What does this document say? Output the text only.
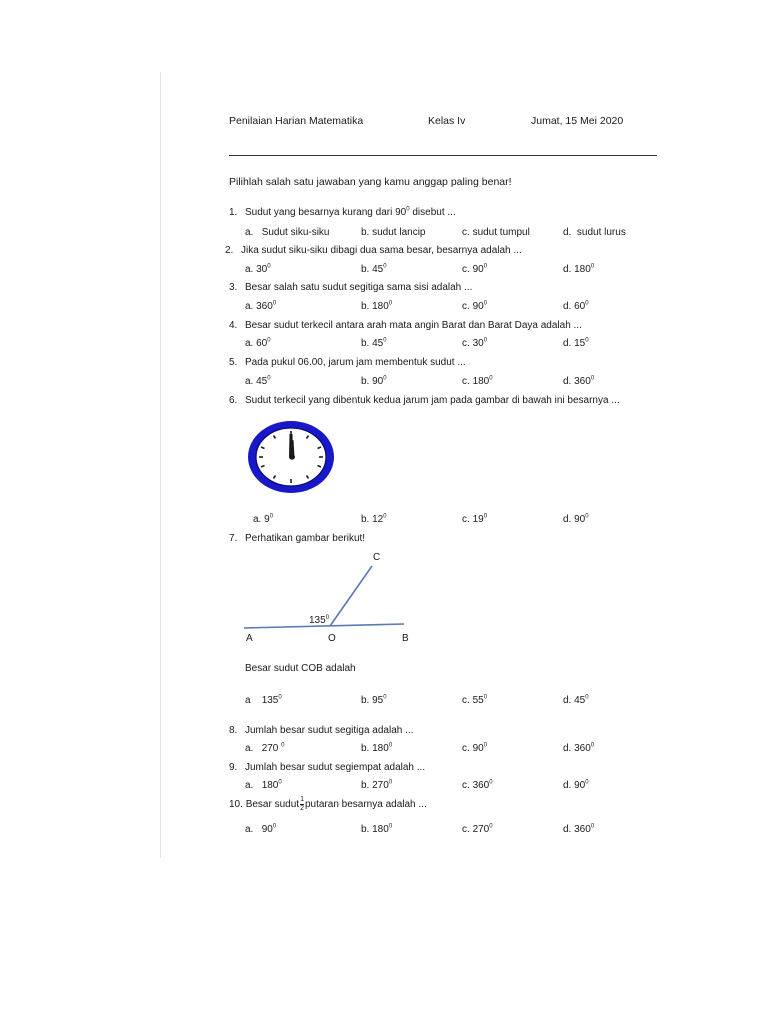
Penilaian Harian Matematika	Kelas Iv	Jumat, 15 Mei 2020
Pilihlah salah satu jawaban yang kamu anggap paling benar!
1. Sudut yang besarnya kurang dari $90^0$ disebut ...
a. Sudut siku-siku	b. sudut lancip	c. sudut tumpul	d. sudut lurus
2. Jika sudut siku-siku dibagi dua sama besar, besarnya adalah ...
a. $30^0$	b. $45^0$	c. $90^0$	d. $180^0$
3. Besar salah satu sudut segitiga sama sisi adalah ...
a. $360^0$	b. $180^0$	c. $90^0$	d. $60^0$
4. Besar sudut terkecil antara arah mata angin Barat dan Barat Daya adalah ...
a. $60^0$	b. $45^0$	c. $30^0$	d. $15^0$
5. Pada pukul 06.00, jarum jam membentuk sudut ...
a. $45^0$	b. $90^0$	c. $180^0$	d. $360^0$
6. Sudut terkecil yang dibentuk kedua jarum jam pada gambar di bawah ini besarnya ...
a. $9^0$	b. $12^0$	c. $19^0$	d. $90^0$
7. Perhatikan gambar berikut!
C
$135^0$
A	O	B
Besar sudut COB adalah
a $135^0$	b. $95^0$	c. $55^0$	d. $45^0$
8. Jumlah besar sudut segitiga adalah ...
a. 270 $^0$	b. $180^0$	c. $90^0$	d. $360^0$
9. Jumlah besar sudut segiempat adalah ...
a. $180^0$	b. $270^0$	c. $360^0$	d. $90^0$
10. Besar sudut $\frac{1}{2}$ putaran besarnya adalah ...
a. $90^0$	b. $180^0$	c. $270^0$	d. $360^0$
